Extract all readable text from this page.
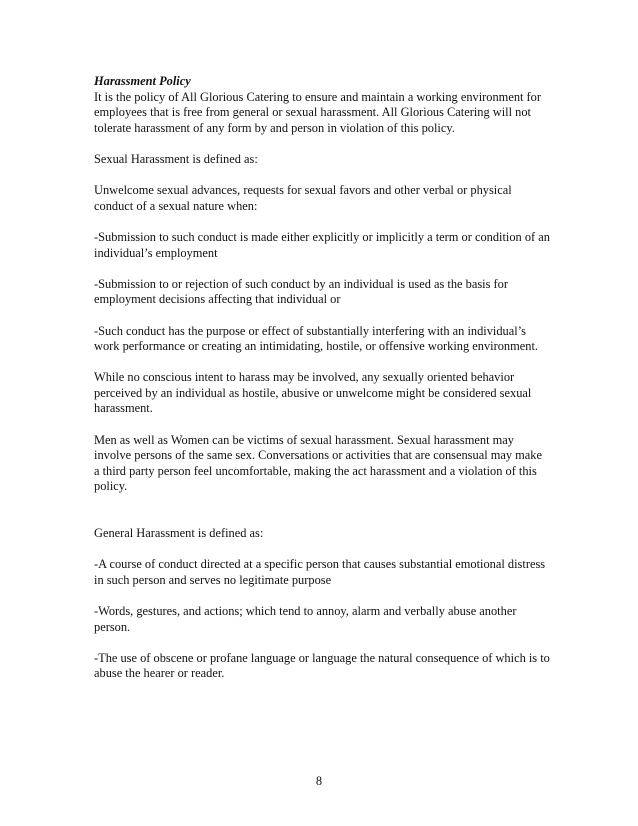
Harassment Policy

It is the policy of All Glorious Catering to ensure and maintain a working environment for employees that is free from general or sexual harassment. All Glorious Catering will not tolerate harassment of any form by and person in violation of this policy.

Sexual Harassment is defined as:

Unwelcome sexual advances, requests for sexual favors and other verbal or physical conduct of a sexual nature when:

-Submission to such conduct is made either explicitly or implicitly a term or condition of an individual’s employment

-Submission to or rejection of such conduct by an individual is used as the basis for employment decisions affecting that individual or

-Such conduct has the purpose or effect of substantially interfering with an individual’s work performance or creating an intimidating, hostile, or offensive working environment.

While no conscious intent to harass may be involved, any sexually oriented behavior perceived by an individual as hostile, abusive or unwelcome might be considered sexual harassment.

Men as well as Women can be victims of sexual harassment. Sexual harassment may involve persons of the same sex. Conversations or activities that are consensual may make a third party person feel uncomfortable, making the act harassment and a violation of this policy.

General Harassment is defined as:

-A course of conduct directed at a specific person that causes substantial emotional distress in such person and serves no legitimate purpose

-Words, gestures, and actions; which tend to annoy, alarm and verbally abuse another person.

-The use of obscene or profane language or language the natural consequence of which is to abuse the hearer or reader.

8
